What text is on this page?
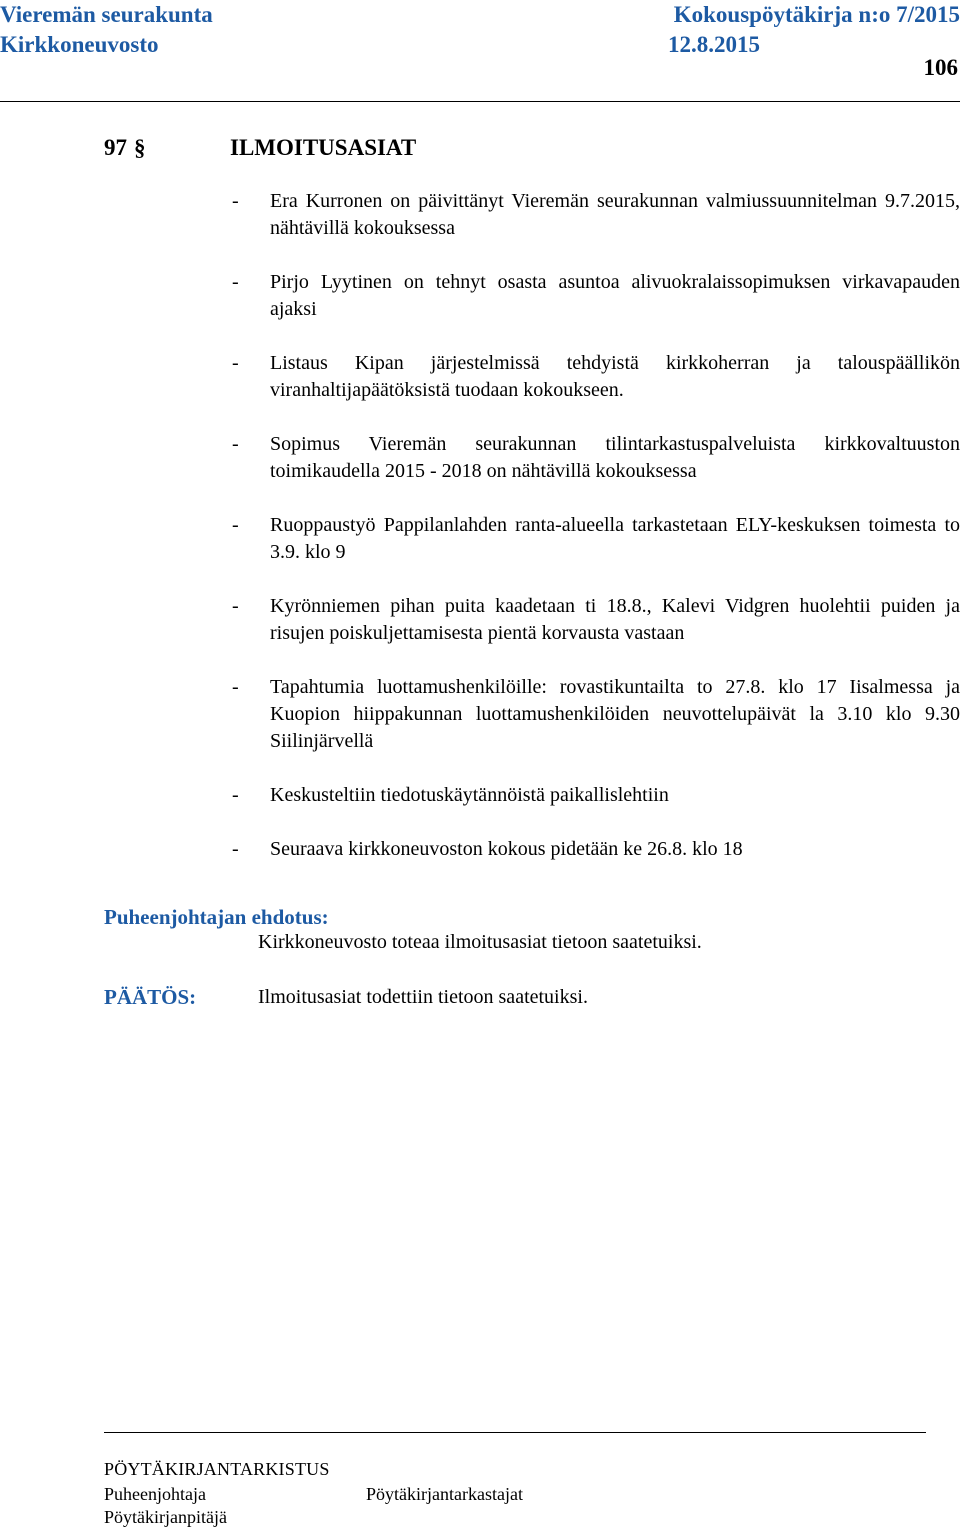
Vieremän seurakunta
Kirkkoneuvosto
Kokouspöytäkirja n:o 7/2015
12.8.2015
106
97 §	ILMOITUSASIAT
- Era Kurronen on päivittänyt Vieremän seurakunnan valmiussuunnitelman 9.7.2015, nähtävillä kokouksessa
- Pirjo Lyytinen on tehnyt osasta asuntoa alivuokralaissopimuksen virkavapauden ajaksi
- Listaus Kipan järjestelmissä tehdyistä kirkkoherran ja talouspäällikön viranhaltijapäätöksistä tuodaan kokoukseen.
- Sopimus Vieremän seurakunnan tilintarkastuspalveluista kirkkovaltuuston toimikaudella 2015 - 2018 on nähtävillä kokouksessa
- Ruoppaustyö Pappilanlahden ranta-alueella tarkastetaan ELY-keskuksen toimesta to 3.9. klo 9
- Kyrönniemen pihan puita kaadetaan ti 18.8., Kalevi Vidgren huolehtii puiden ja risujen poiskuljettamisesta pientä korvausta vastaan
- Tapahtumia luottamushenkilöille: rovastikuntailta to 27.8. klo 17 Iisalmessa ja Kuopion hiippakunnan luottamushenkilöiden neuvottelupäivät la 3.10 klo 9.30 Siilinjärvellä
- Keskusteltiin tiedotuskäytännöistä paikallislehtiin
- Seuraava kirkkoneuvoston kokous pidetään ke 26.8. klo 18
Puheenjohtajan ehdotus:
Kirkkoneuvosto toteaa ilmoitusasiat tietoon saatetuiksi.
PÄÄTÖS:	Ilmoitusasiat todettiin tietoon saatetuiksi.
PÖYTÄKIRJANTARKISTUS
Puheenjohtaja	Pöytäkirjantarkastajat
Pöytäkirjanpitäjä
